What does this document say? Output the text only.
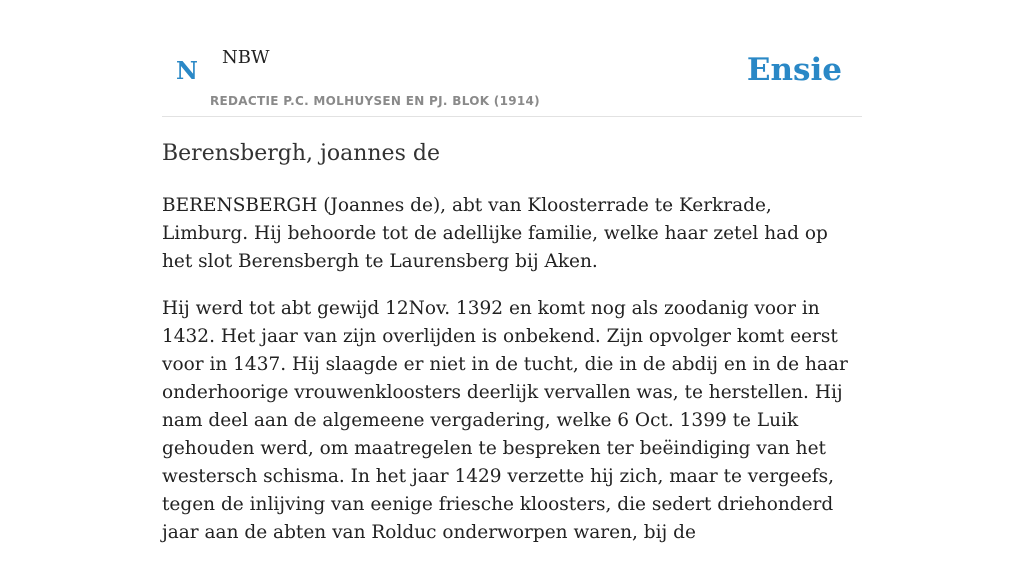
N NBW
REDACTIE P.C. MOLHUYSEN EN PJ. BLOK (1914)
Ensie
Berensbergh, joannes de

BERENSBERGH (Joannes de), abt van Kloosterrade te Kerkrade, Limburg. Hij behoorde tot de adellijke familie, welke haar zetel had op het slot Berensbergh te Laurensberg bij Aken.

Hij werd tot abt gewijd 12Nov. 1392 en komt nog als zoodanig voor in 1432. Het jaar van zijn overlijden is onbekend. Zijn opvolger komt eerst voor in 1437. Hij slaagde er niet in de tucht, die in de abdij en in de haar onderhoorige vrouwenkloosters deerlijk vervallen was, te herstellen. Hij nam deel aan de algemeene vergadering, welke 6 Oct. 1399 te Luik gehouden werd, om maatregelen te bespreken ter beëindiging van het westersch schisma. In het jaar 1429 verzette hij zich, maar te vergeefs, tegen de inlijving van eenige friesche kloosters, die sedert driehonderd jaar aan de abten van Rolduc onderworpen waren, bij de
